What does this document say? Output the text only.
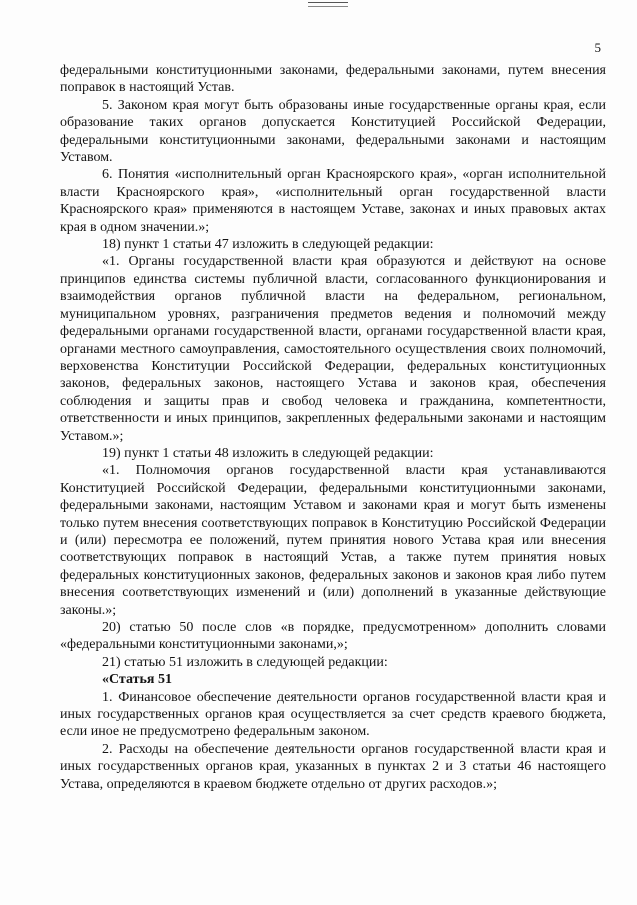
5

федеральными конституционными законами, федеральными законами, путем внесения поправок в настоящий Устав.

5. Законом края могут быть образованы иные государственные органы края, если образование таких органов допускается Конституцией Российской Федерации, федеральными конституционными законами, федеральными законами и настоящим Уставом.

6. Понятия «исполнительный орган Красноярского края», «орган исполнительной власти Красноярского края», «исполнительный орган государственной власти Красноярского края» применяются в настоящем Уставе, законах и иных правовых актах края в одном значении.»;

18) пункт 1 статьи 47 изложить в следующей редакции:

«1. Органы государственной власти края образуются и действуют на основе принципов единства системы публичной власти, согласованного функционирования и взаимодействия органов публичной власти на федеральном, региональном, муниципальном уровнях, разграничения предметов ведения и полномочий между федеральными органами государственной власти, органами государственной власти края, органами местного самоуправления, самостоятельного осуществления своих полномочий, верховенства Конституции Российской Федерации, федеральных конституционных законов, федеральных законов, настоящего Устава и законов края, обеспечения соблюдения и защиты прав и свобод человека и гражданина, компетентности, ответственности и иных принципов, закрепленных федеральными законами и настоящим Уставом.»;

19) пункт 1 статьи 48 изложить в следующей редакции:

«1. Полномочия органов государственной власти края устанавливаются Конституцией Российской Федерации, федеральными конституционными законами, федеральными законами, настоящим Уставом и законами края и могут быть изменены только путем внесения соответствующих поправок в Конституцию Российской Федерации и (или) пересмотра ее положений, путем принятия нового Устава края или внесения соответствующих поправок в настоящий Устав, а также путем принятия новых федеральных конституционных законов, федеральных законов и законов края либо путем внесения соответствующих изменений и (или) дополнений в указанные действующие законы.»;

20) статью 50 после слов «в порядке, предусмотренном» дополнить словами «федеральными конституционными законами,»;

21) статью 51 изложить в следующей редакции:

«Статья 51

1. Финансовое обеспечение деятельности органов государственной власти края и иных государственных органов края осуществляется за счет средств краевого бюджета, если иное не предусмотрено федеральным законом.

2. Расходы на обеспечение деятельности органов государственной власти края и иных государственных органов края, указанных в пунктах 2 и 3 статьи 46 настоящего Устава, определяются в краевом бюджете отдельно от других расходов.»;
